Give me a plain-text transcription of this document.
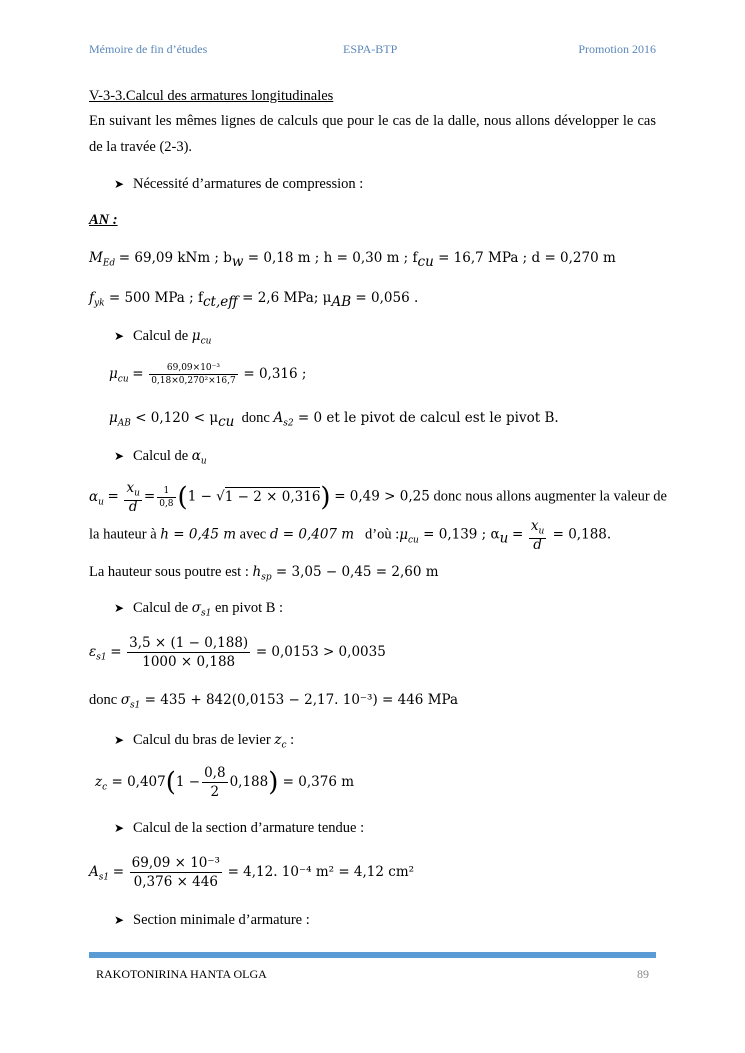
Mémoire de fin d’études	ESPA-BTP	Promotion 2016
V-3-3.Calcul des armatures longitudinales
En suivant les mêmes lignes de calculs que pour le cas de la dalle, nous allons développer le cas de la travée (2-3).
➤ Nécessité d’armatures de compression :
AN :
$M_{Ed} = 69,09$ kNm ; $b_w = 0,18$ m ; h = 0,30 m ; $f_{cu} = 16,7$ MPa ; d = 0,270 m
$f_{yk} = 500$ MPa ; $f_{ct,eff} = 2,6$ MPa; $\mu_{AB} = 0,056$ .
➤ Calcul de $\mu_{cu}$
$\mu_{cu} = \frac{\text{69,09×10⁻³}}{\text{0,18×0,270²×16,7}} = 0,316$ ;
$\mu_{AB} < 0,120 < \mu_{cu}$ donc $A_{s2} = 0$ et le pivot de calcul est le pivot B.
➤ Calcul de $\alpha_u$
$\alpha_u = \frac{x_u}{d} = \frac{1}{0,8} (1 - √1 - 2 \times 0,316) = 0,49 > 0,25$ donc nous allons augmenter la valeur de
la hauteur à h = 0,45 m avec d = 0,407 m d’où $:\mu_{cu} = 0,139$ ; $\alpha_u = \frac{x_u}{d} = 0,188$.
La hauteur sous poutre est : $h_{sp} = 3,05 - 0,45 = 2,60$ m
➤ Calcul de $\sigma_{s1}$ en pivot B :
$\varepsilon_{s1} = \frac{3,5 \times (1 - 0,188)}{1000 \times 0,188} = 0,0153 > 0,0035$
donc $\sigma_{s1} = 435 + 842(0,0153 - 2,17$. 10⁻³) = 446 MPa
➤ Calcul du bras de levier $z_c$ :
$z_c = 0,407(1 - \frac{0,8}{2} 0,188) = 0,376$ m
➤ Calcul de la section d’armature tendue :
$A_{s1} = \frac{\text{69,09 × 10⁻³}}{0,376 \times 446} = 4,12$. 10⁻⁴ m² = 4,12 cm²
➤ Section minimale d’armature :
RAKOTONIRINA HANTA OLGA	89
